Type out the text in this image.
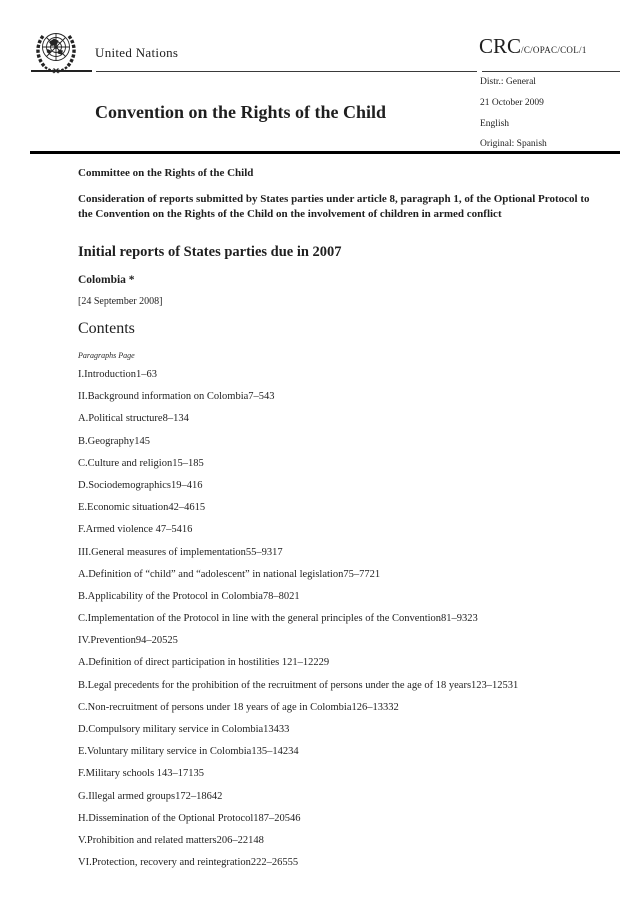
United Nations	CRC/C/OPAC/COL/1
Convention on the Rights of the Child
Distr.: General
21 October 2009
English
Original: Spanish
Committee on the Rights of the Child
Consideration of reports submitted by States parties under article 8, paragraph 1, of the Optional Protocol to the Convention on the Rights of the Child on the involvement of children in armed conflict
Initial reports of States parties due in 2007
Colombia *
[24 September 2008]
Contents
Paragraphs Page
I.Introduction1–63
II.Background information on Colombia7–543
A.Political structure8–134
B.Geography145
C.Culture and religion15–185
D.Sociodemographics19–416
E.Economic situation42–4615
F.Armed violence 47–5416
III.General measures of implementation55–9317
A.Definition of “child” and “adolescent” in national legislation75–7721
B.Applicability of the Protocol in Colombia78–8021
C.Implementation of the Protocol in line with the general principles of the Convention81–9323
IV.Prevention94–20525
A.Definition of direct participation in hostilities 121–12229
B.Legal precedents for the prohibition of the recruitment of persons under the age of 18 years123–12531
C.Non-recruitment of persons under 18 years of age in Colombia126–13332
D.Compulsory military service in Colombia13433
E.Voluntary military service in Colombia135–14234
F.Military schools 143–17135
G.Illegal armed groups172–18642
H.Dissemination of the Optional Protocol187–20546
V.Prohibition and related matters206–22148
VI.Protection, recovery and reintegration222–26555
